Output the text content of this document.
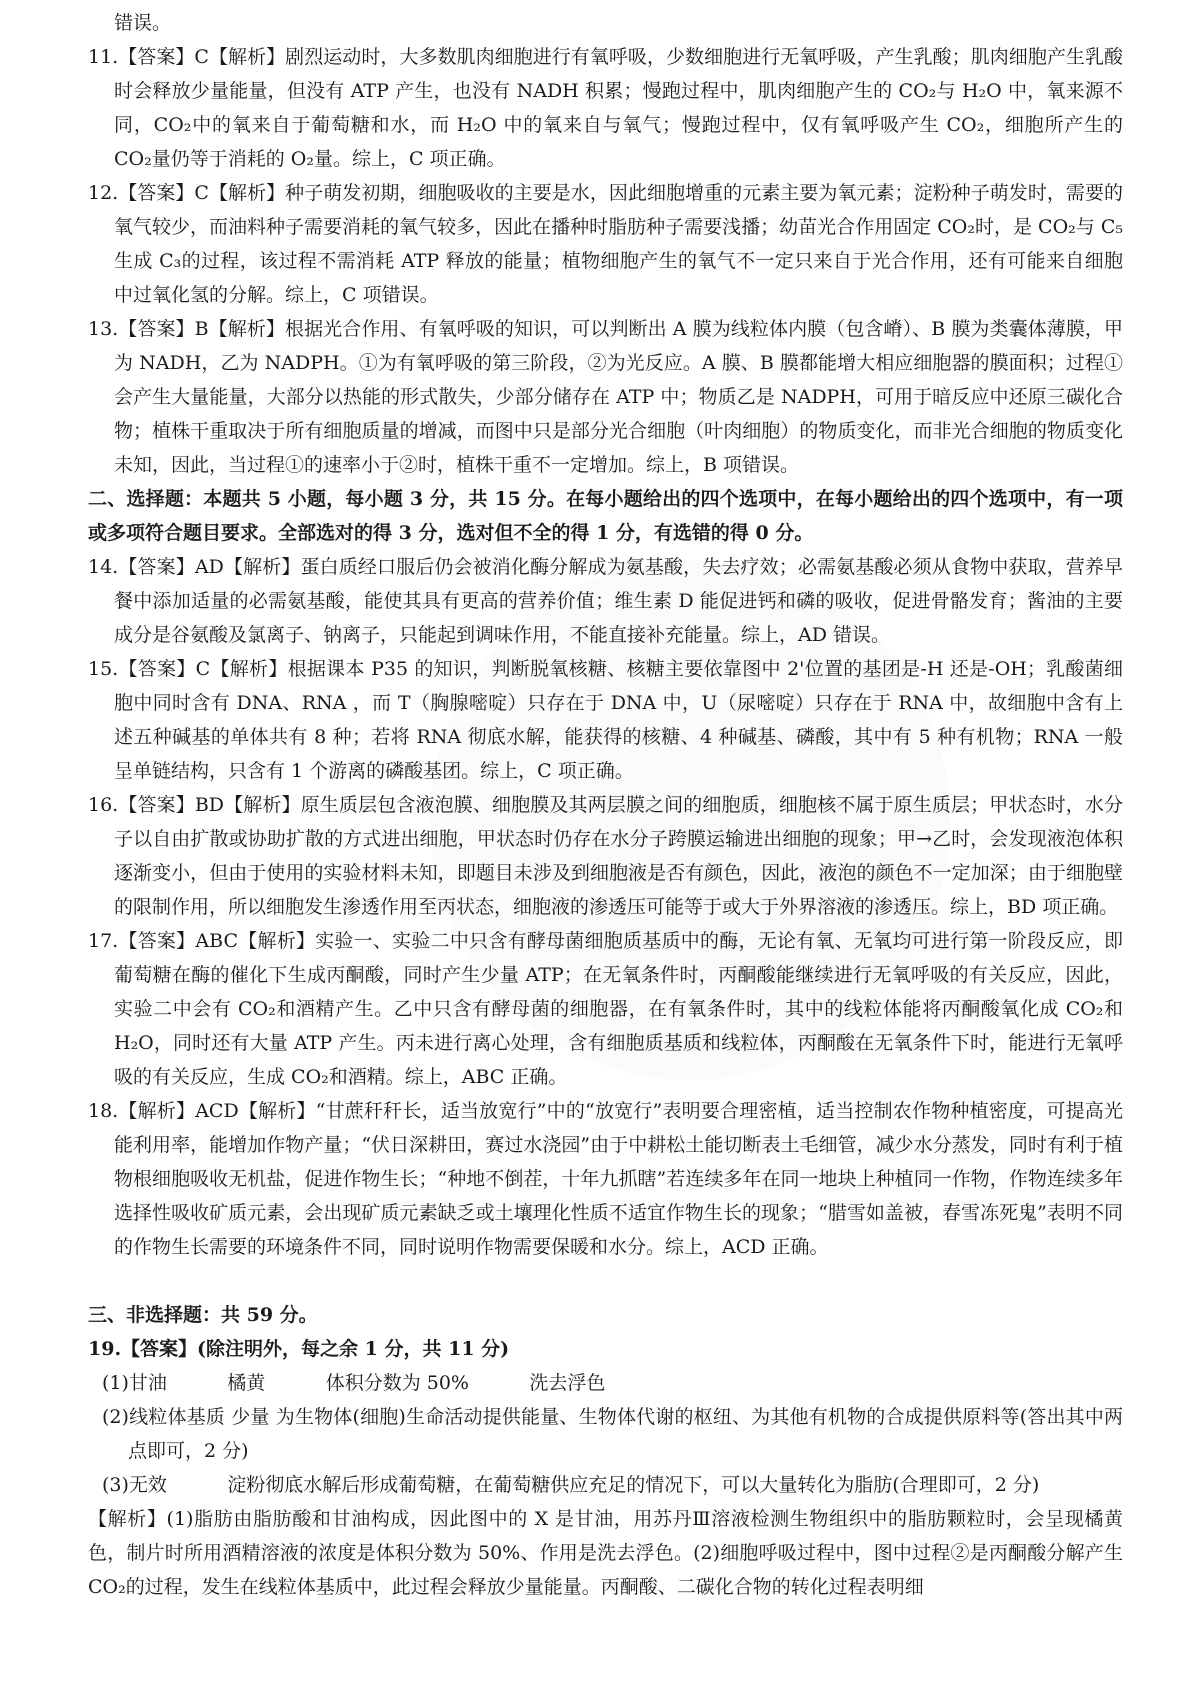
错误。

11.【答案】C【解析】剧烈运动时，大多数肌肉细胞进行有氧呼吸，少数细胞进行无氧呼吸，产生乳酸；肌肉细胞产生乳酸时会释放少量能量，但没有 ATP 产生，也没有 NADH 积累；慢跑过程中，肌肉细胞产生的 CO₂与 H₂O 中，氧来源不同，CO₂中的氧来自于葡萄糖和水，而 H₂O 中的氧来自与氧气；慢跑过程中，仅有氧呼吸产生 CO₂，细胞所产生的 CO₂量仍等于消耗的 O₂量。综上，C 项正确。

12.【答案】C【解析】种子萌发初期，细胞吸收的主要是水，因此细胞增重的元素主要为氧元素；淀粉种子萌发时，需要的氧气较少，而油料种子需要消耗的氧气较多，因此在播种时脂肪种子需要浅播；幼苗光合作用固定 CO₂时，是 CO₂与 C₅生成 C₃的过程，该过程不需消耗 ATP 释放的能量；植物细胞产生的氧气不一定只来自于光合作用，还有可能来自细胞中过氧化氢的分解。综上，C 项错误。

13.【答案】B【解析】根据光合作用、有氧呼吸的知识，可以判断出 A 膜为线粒体内膜（包含嵴）、B 膜为类囊体薄膜，甲为 NADH，乙为 NADPH。①为有氧呼吸的第三阶段，②为光反应。A 膜、B 膜都能增大相应细胞器的膜面积；过程①会产生大量能量，大部分以热能的形式散失，少部分储存在 ATP 中；物质乙是 NADPH，可用于暗反应中还原三碳化合物；植株干重取决于所有细胞质量的增减，而图中只是部分光合细胞（叶肉细胞）的物质变化，而非光合细胞的物质变化未知，因此，当过程①的速率小于②时，植株干重不一定增加。综上，B 项错误。

二、选择题：本题共 5 小题，每小题 3 分，共 15 分。在每小题给出的四个选项中，在每小题给出的四个选项中，有一项或多项符合题目要求。全部选对的得 3 分，选对但不全的得 1 分，有选错的得 0 分。

14.【答案】AD【解析】蛋白质经口服后仍会被消化酶分解成为氨基酸，失去疗效；必需氨基酸必须从食物中获取，营养早餐中添加适量的必需氨基酸，能使其具有更高的营养价值；维生素 D 能促进钙和磷的吸收，促进骨骼发育；酱油的主要成分是谷氨酸及氯离子、钠离子，只能起到调味作用，不能直接补充能量。综上，AD 错误。

15.【答案】C【解析】根据课本 P35 的知识，判断脱氧核糖、核糖主要依靠图中 2'位置的基团是-H 还是-OH；乳酸菌细胞中同时含有 DNA、RNA ，而 T（胸腺嘧啶）只存在于 DNA 中，U（尿嘧啶）只存在于 RNA 中，故细胞中含有上述五种碱基的单体共有 8 种；若将 RNA 彻底水解，能获得的核糖、4 种碱基、磷酸，其中有 5 种有机物；RNA 一般呈单链结构，只含有 1 个游离的磷酸基团。综上，C 项正确。

16.【答案】BD【解析】原生质层包含液泡膜、细胞膜及其两层膜之间的细胞质，细胞核不属于原生质层；甲状态时，水分子以自由扩散或协助扩散的方式进出细胞，甲状态时仍存在水分子跨膜运输进出细胞的现象；甲→乙时，会发现液泡体积逐渐变小，但由于使用的实验材料未知，即题目未涉及到细胞液是否有颜色，因此，液泡的颜色不一定加深；由于细胞壁的限制作用，所以细胞发生渗透作用至丙状态，细胞液的渗透压可能等于或大于外界溶液的渗透压。综上，BD 项正确。

17.【答案】ABC【解析】实验一、实验二中只含有酵母菌细胞质基质中的酶，无论有氧、无氧均可进行第一阶段反应，即葡萄糖在酶的催化下生成丙酮酸，同时产生少量 ATP；在无氧条件时，丙酮酸能继续进行无氧呼吸的有关反应，因此，实验二中会有 CO₂和酒精产生。乙中只含有酵母菌的细胞器，在有氧条件时，其中的线粒体能将丙酮酸氧化成 CO₂和 H₂O，同时还有大量 ATP 产生。丙未进行离心处理，含有细胞质基质和线粒体，丙酮酸在无氧条件下时，能进行无氧呼吸的有关反应，生成 CO₂和酒精。综上，ABC 正确。

18.【解析】ACD【解析】“甘蔗秆秆长，适当放宽行”中的“放宽行”表明要合理密植，适当控制农作物种植密度，可提高光能利用率，能增加作物产量；“伏日深耕田，赛过水浇园”由于中耕松土能切断表土毛细管，减少水分蒸发，同时有利于植物根细胞吸收无机盐，促进作物生长；“种地不倒茬，十年九抓瞎”若连续多年在同一地块上种植同一作物，作物连续多年选择性吸收矿质元素，会出现矿质元素缺乏或土壤理化性质不适宜作物生长的现象；“腊雪如盖被，春雪冻死鬼”表明不同的作物生长需要的环境条件不同，同时说明作物需要保暖和水分。综上，ACD 正确。

三、非选择题：共 59 分。

19.【答案】(除注明外，每之余 1 分，共 11 分)

(1)甘油          橘黄          体积分数为 50%          洗去浮色

(2)线粒体基质 少量 为生物体(细胞)生命活动提供能量、生物体代谢的枢纽、为其他有机物的合成提供原料等(答出其中两点即可，2 分)

(3)无效          淀粉彻底水解后形成葡萄糖，在葡萄糖供应充足的情况下，可以大量转化为脂肪(合理即可，2 分)

【解析】(1)脂肪由脂肪酸和甘油构成，因此图中的 X 是甘油，用苏丹Ⅲ溶液检测生物组织中的脂肪颗粒时，会呈现橘黄色，制片时所用酒精溶液的浓度是体积分数为 50%、作用是洗去浮色。(2)细胞呼吸过程中，图中过程②是丙酮酸分解产生 CO₂的过程，发生在线粒体基质中，此过程会释放少量能量。丙酮酸、二碳化合物的转化过程表明细
